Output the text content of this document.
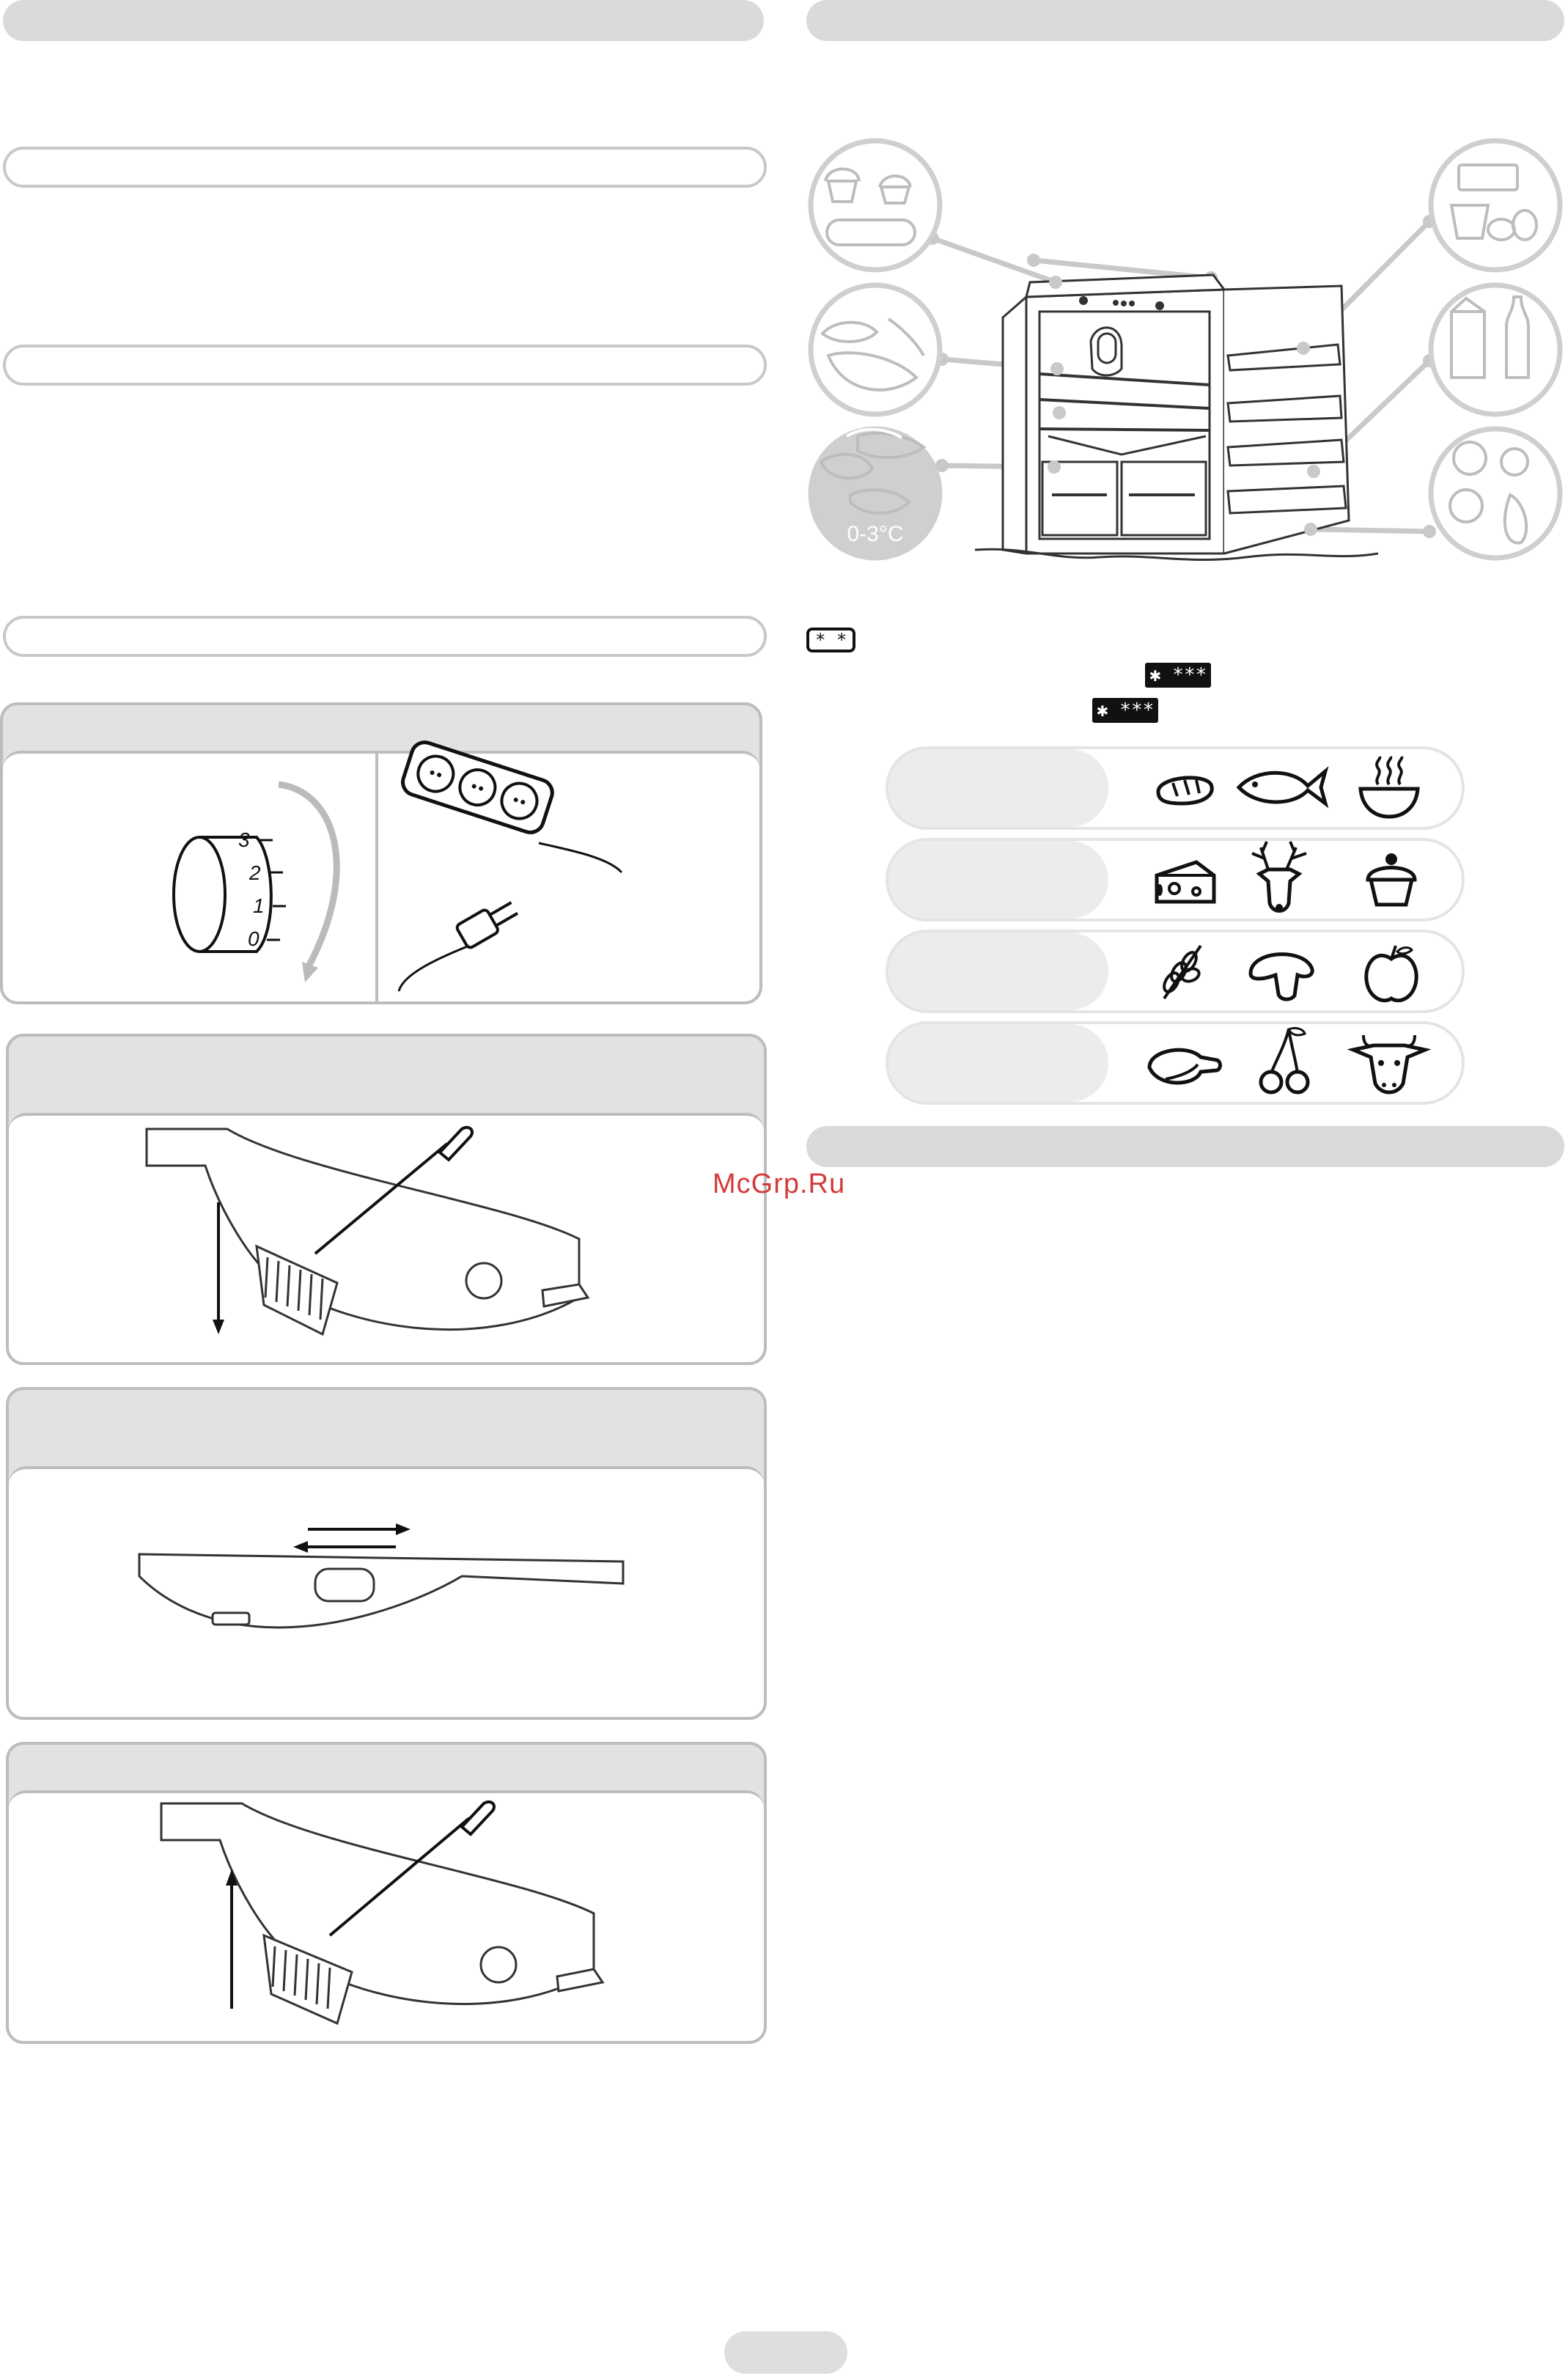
3
2
1
0
0-3°C
* *
✱ ***
✱ ***
McGrp.Ru
